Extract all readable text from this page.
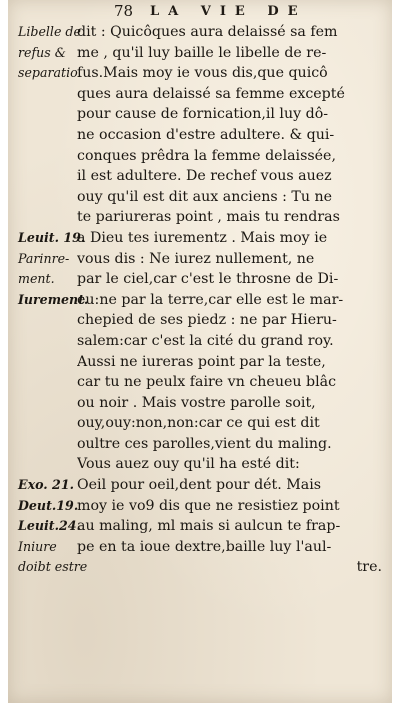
78 LA VIE DE
Libelle de
refus &
separatio.
Leuit. 19.
Parinre-
ment.
Iurement.
Exo. 21.
Deut.19.
Leuit.24.
Iniure
doibt estre
dit : Quicôques aura delaissé sa fem
me , qu'il luy baille le libelle de re-
fus.Mais moy ie vous dis,que quicô
ques aura delaissé sa femme excepté
pour cause de fornication,il luy dô-
ne occasion d'estre adultere. & qui-
conques prêdra la femme delaissée,
il est adultere. De rechef vous auez
ouy qu'il est dit aux anciens : Tu ne
te pariureras point , mais tu rendras
a Dieu tes iurementz . Mais moy ie
vous dis : Ne iurez nullement, ne
par le ciel,car c'est le throsne de Di-
eu:ne par la terre,car elle est le mar-
chepied de ses piedz : ne par Hieru-
salem:car c'est la cité du grand roy.
Aussi ne iureras point par la teste,
car tu ne peulx faire vn cheueu blâc
ou noir . Mais vostre parolle soit,
ouy,ouy:non,non:car ce qui est dit
oultre ces parolles,vient du maling.
Vous auez ouy qu'il ha esté dit:
Oeil pour oeil,dent pour dét. Mais
moy ie vo9 dis que ne resistiez point
au maling, ml mais si aulcun te frap-
pe en ta ioue dextre,baille luy l'aul-
tre.
